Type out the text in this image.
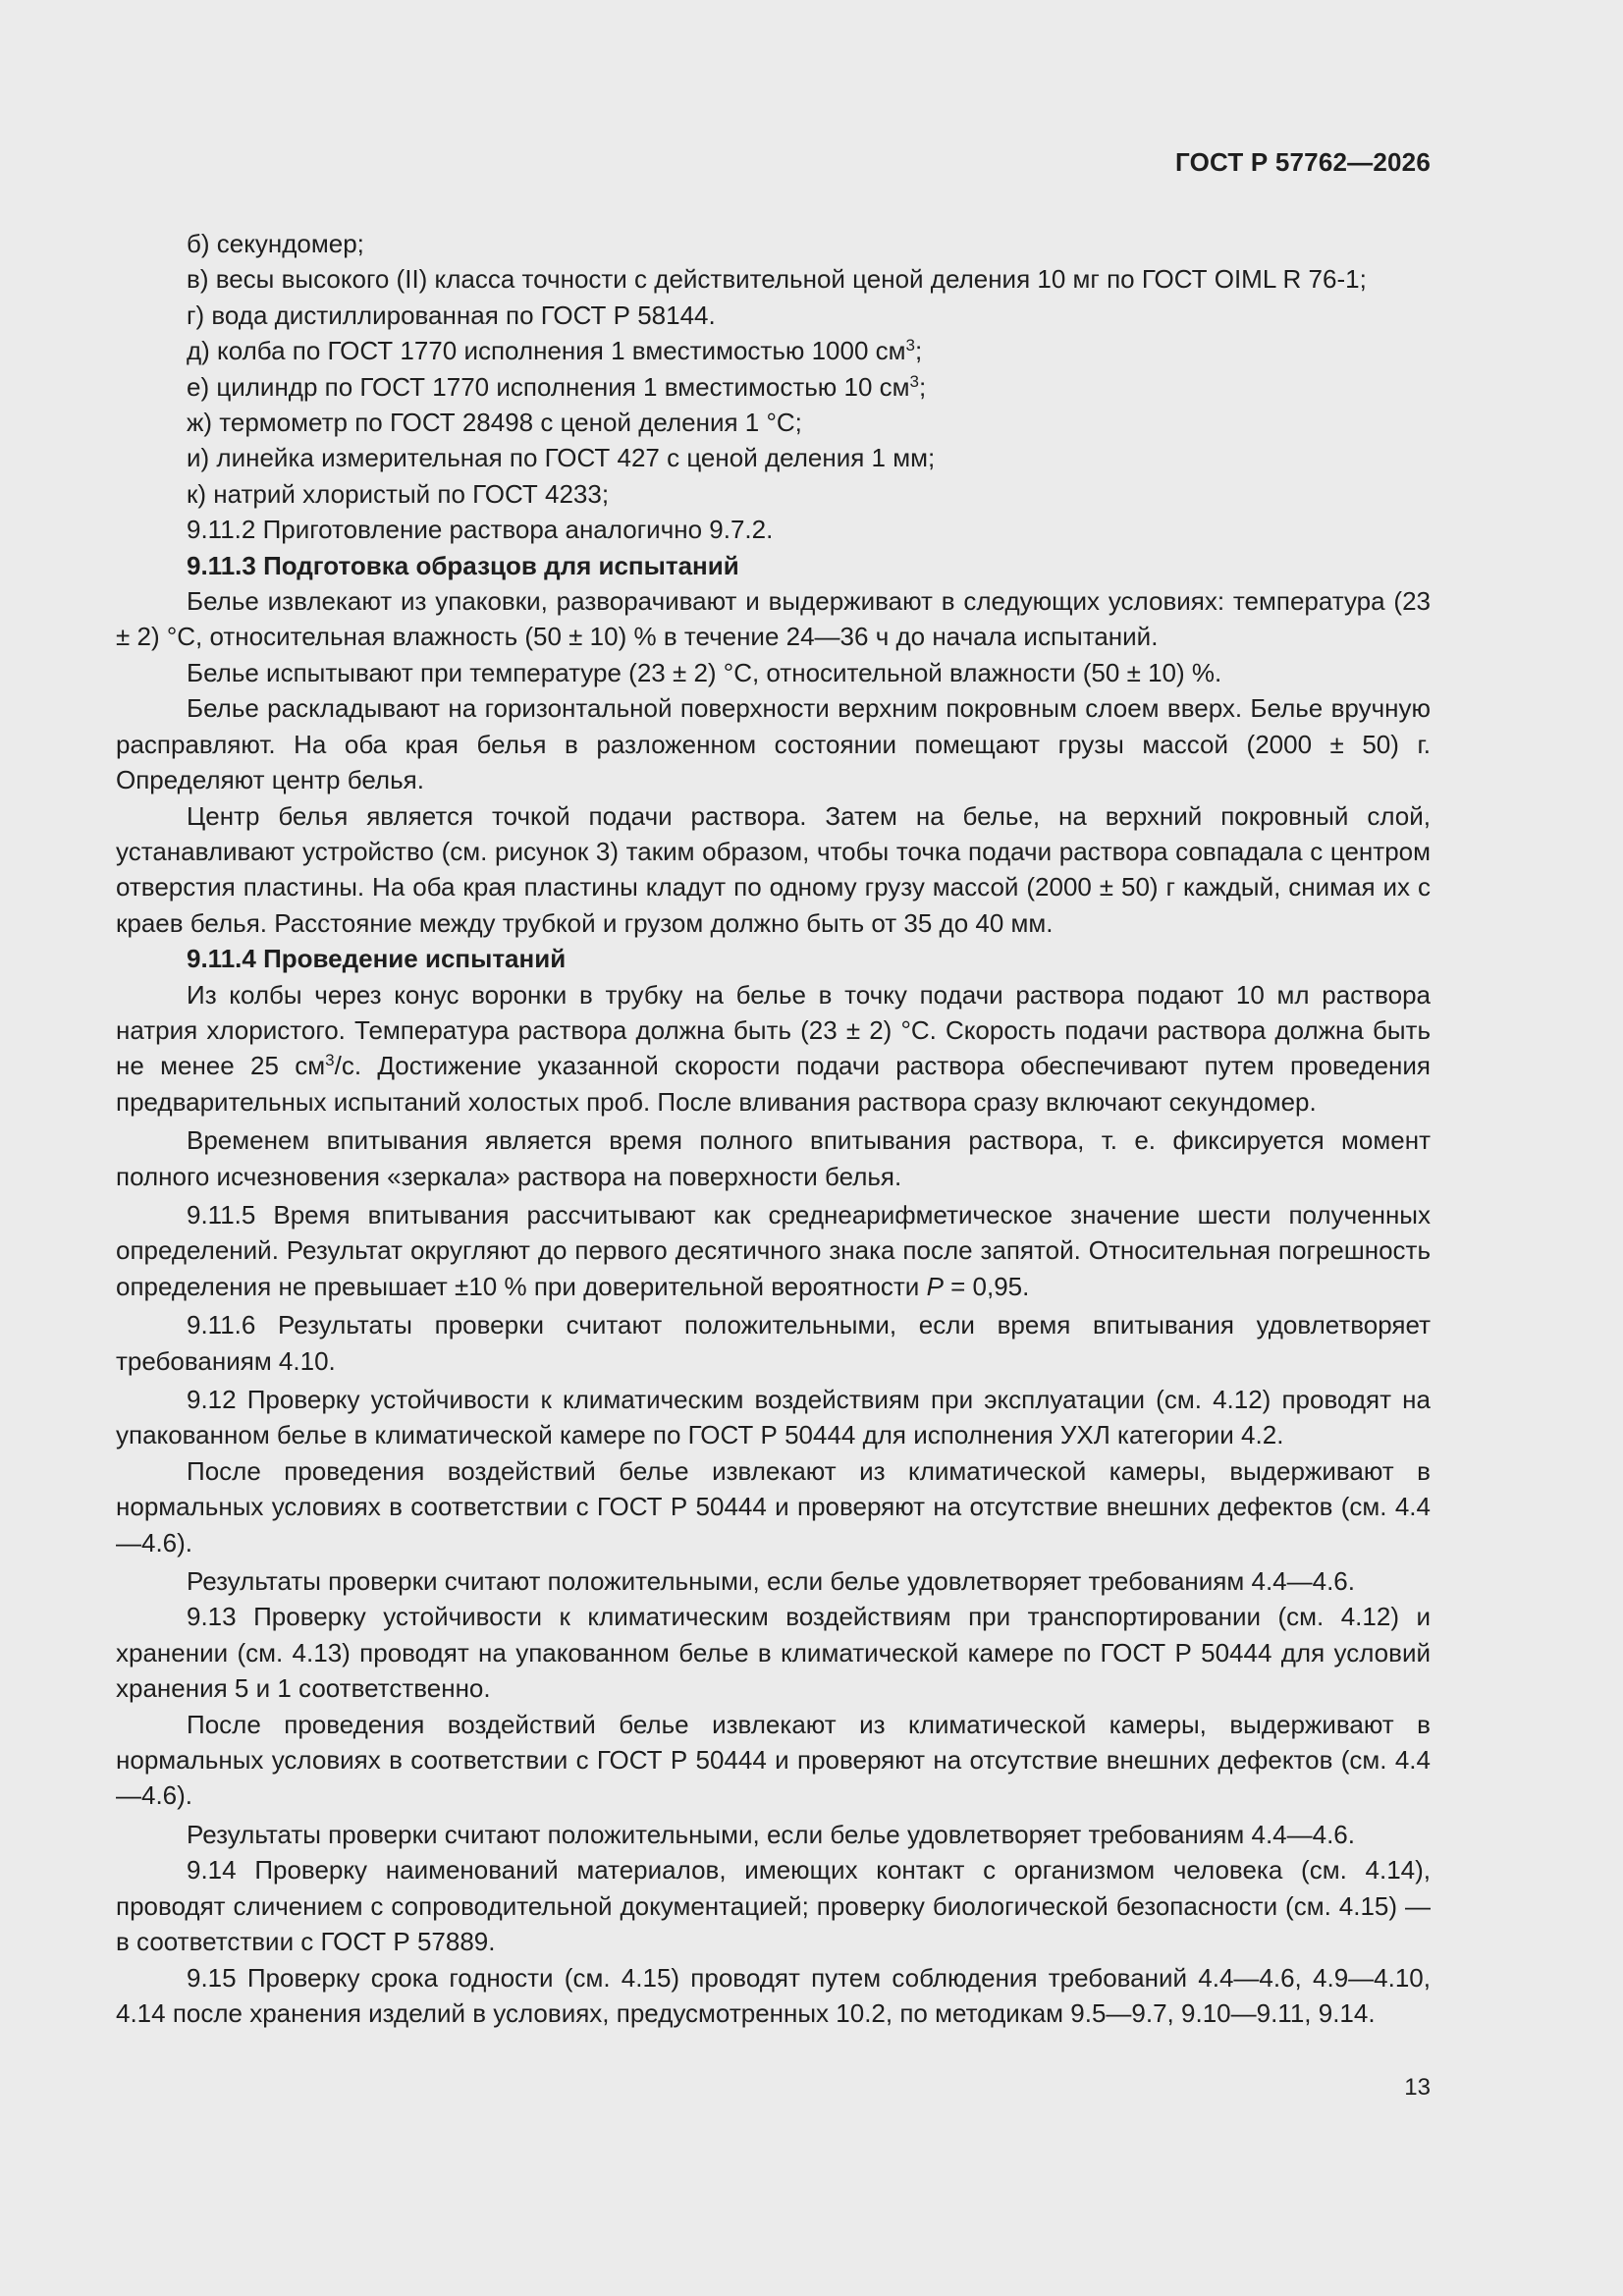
ГОСТ Р 57762—2026

б) секундомер;

в) весы высокого (II) класса точности с действительной ценой деления 10 мг по ГОСТ OIML R 76-1;

г) вода дистиллированная по ГОСТ Р 58144.

д) колба по ГОСТ 1770 исполнения 1 вместимостью 1000 $см^3$;

е) цилиндр по ГОСТ 1770 исполнения 1 вместимостью 10 $см^3$;

ж) термометр по ГОСТ 28498 с ценой деления 1 °С;

и) линейка измерительная по ГОСТ 427 с ценой деления 1 мм;

к) натрий хлористый по ГОСТ 4233;

9.11.2 Приготовление раствора аналогично 9.7.2.

9.11.3 Подготовка образцов для испытаний

Белье извлекают из упаковки, разворачивают и выдерживают в следующих условиях: температура (23 ± 2) °С, относительная влажность (50 ± 10) % в течение 24—36 ч до начала испытаний.

Белье испытывают при температуре (23 ± 2) °С, относительной влажности (50 ± 10) %.

Белье раскладывают на горизонтальной поверхности верхним покровным слоем вверх. Белье вручную расправляют. На оба края белья в разложенном состоянии помещают грузы массой (2000 ± 50) г. Определяют центр белья.

Центр белья является точкой подачи раствора. Затем на белье, на верхний покровный слой, устанавливают устройство (см. рисунок 3) таким образом, чтобы точка подачи раствора совпадала с центром отверстия пластины. На оба края пластины кладут по одному грузу массой (2000 ± 50) г каждый, снимая их с краев белья. Расстояние между трубкой и грузом должно быть от 35 до 40 мм.

9.11.4 Проведение испытаний

Из колбы через конус воронки в трубку на белье в точку подачи раствора подают 10 мл раствора натрия хлористого. Температура раствора должна быть (23 ± 2) °С. Скорость подачи раствора должна быть не менее 25 $см^3/с$. Достижение указанной скорости подачи раствора обеспечивают путем проведения предварительных испытаний холостых проб. После вливания раствора сразу включают секундомер.

Временем впитывания является время полного впитывания раствора, т. е. фиксируется момент полного исчезновения «зеркала» раствора на поверхности белья.

9.11.5 Время впитывания рассчитывают как среднеарифметическое значение шести полученных определений. Результат округляют до первого десятичного знака после запятой. Относительная погрешность определения не превышает ±10 % при доверительной вероятности Р = 0,95.

9.11.6 Результаты проверки считают положительными, если время впитывания удовлетворяет требованиям 4.10.

9.12 Проверку устойчивости к климатическим воздействиям при эксплуатации (см. 4.12) проводят на упакованном белье в климатической камере по ГОСТ Р 50444 для исполнения УХЛ категории 4.2.

После проведения воздействий белье извлекают из климатической камеры, выдерживают в нормальных условиях в соответствии с ГОСТ Р 50444 и проверяют на отсутствие внешних дефектов (см. 4.4—4.6).

Результаты проверки считают положительными, если белье удовлетворяет требованиям 4.4—4.6.

9.13 Проверку устойчивости к климатическим воздействиям при транспортировании (см. 4.12) и хранении (см. 4.13) проводят на упакованном белье в климатической камере по ГОСТ Р 50444 для условий хранения 5 и 1 соответственно.

После проведения воздействий белье извлекают из климатической камеры, выдерживают в нормальных условиях в соответствии с ГОСТ Р 50444 и проверяют на отсутствие внешних дефектов (см. 4.4—4.6).

Результаты проверки считают положительными, если белье удовлетворяет требованиям 4.4—4.6.

9.14 Проверку наименований материалов, имеющих контакт с организмом человека (см. 4.14), проводят сличением с сопроводительной документацией; проверку биологической безопасности (см. 4.15) — в соответствии с ГОСТ Р 57889.

9.15 Проверку срока годности (см. 4.15) проводят путем соблюдения требований 4.4—4.6, 4.9—4.10, 4.14 после хранения изделий в условиях, предусмотренных 10.2, по методикам 9.5—9.7, 9.10—9.11, 9.14.

13
